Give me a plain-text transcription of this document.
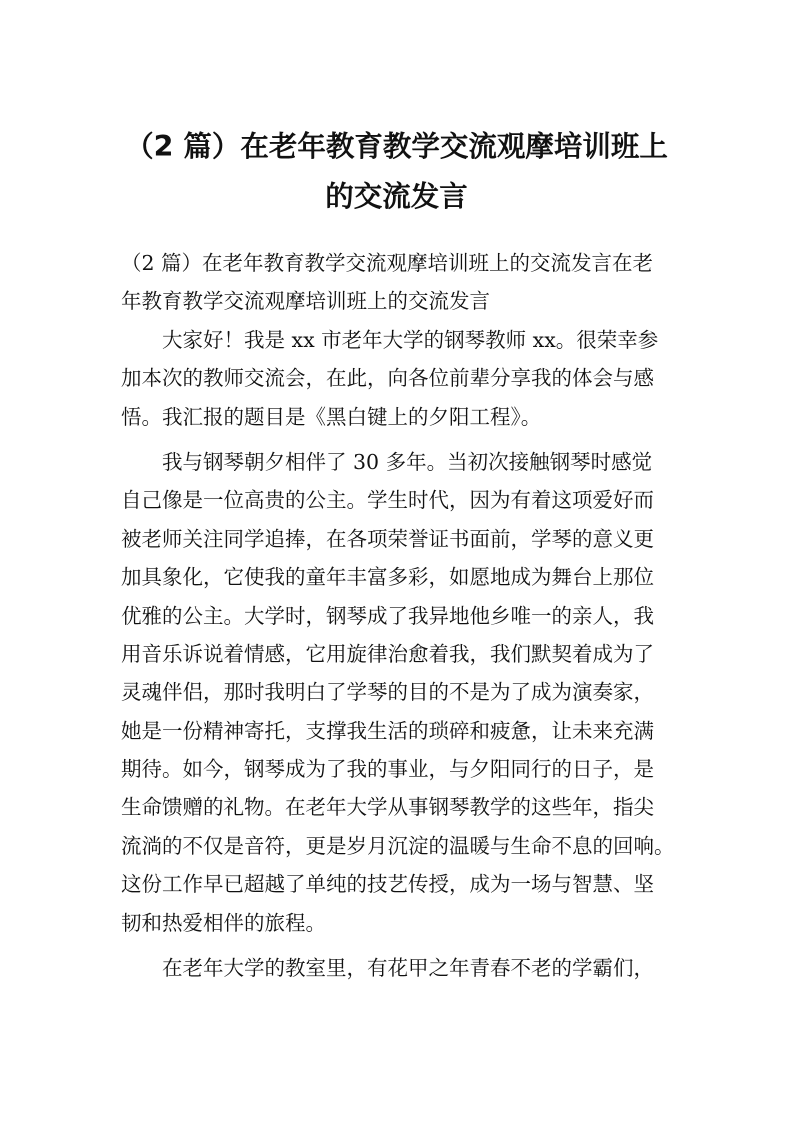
（2 篇）在老年教育教学交流观摩培训班上
的交流发言
（2 篇）在老年教育教学交流观摩培训班上的交流发言在老
年教育教学交流观摩培训班上的交流发言
大家好！我是 xx 市老年大学的钢琴教师 xx。很荣幸参
加本次的教师交流会，在此，向各位前辈分享我的体会与感
悟。我汇报的题目是《黑白键上的夕阳工程》。
我与钢琴朝夕相伴了 30 多年。当初次接触钢琴时感觉
自己像是一位高贵的公主。学生时代，因为有着这项爱好而
被老师关注同学追捧，在各项荣誉证书面前，学琴的意义更
加具象化，它使我的童年丰富多彩，如愿地成为舞台上那位
优雅的公主。大学时，钢琴成了我异地他乡唯一的亲人，我
用音乐诉说着情感，它用旋律治愈着我，我们默契着成为了
灵魂伴侣，那时我明白了学琴的目的不是为了成为演奏家，
她是一份精神寄托，支撑我生活的琐碎和疲惫，让未来充满
期待。如今，钢琴成为了我的事业，与夕阳同行的日子，是
生命馈赠的礼物。在老年大学从事钢琴教学的这些年，指尖
流淌的不仅是音符，更是岁月沉淀的温暖与生命不息的回响。
这份工作早已超越了单纯的技艺传授，成为一场与智慧、坚
韧和热爱相伴的旅程。
在老年大学的教室里，有花甲之年青春不老的学霸们，
